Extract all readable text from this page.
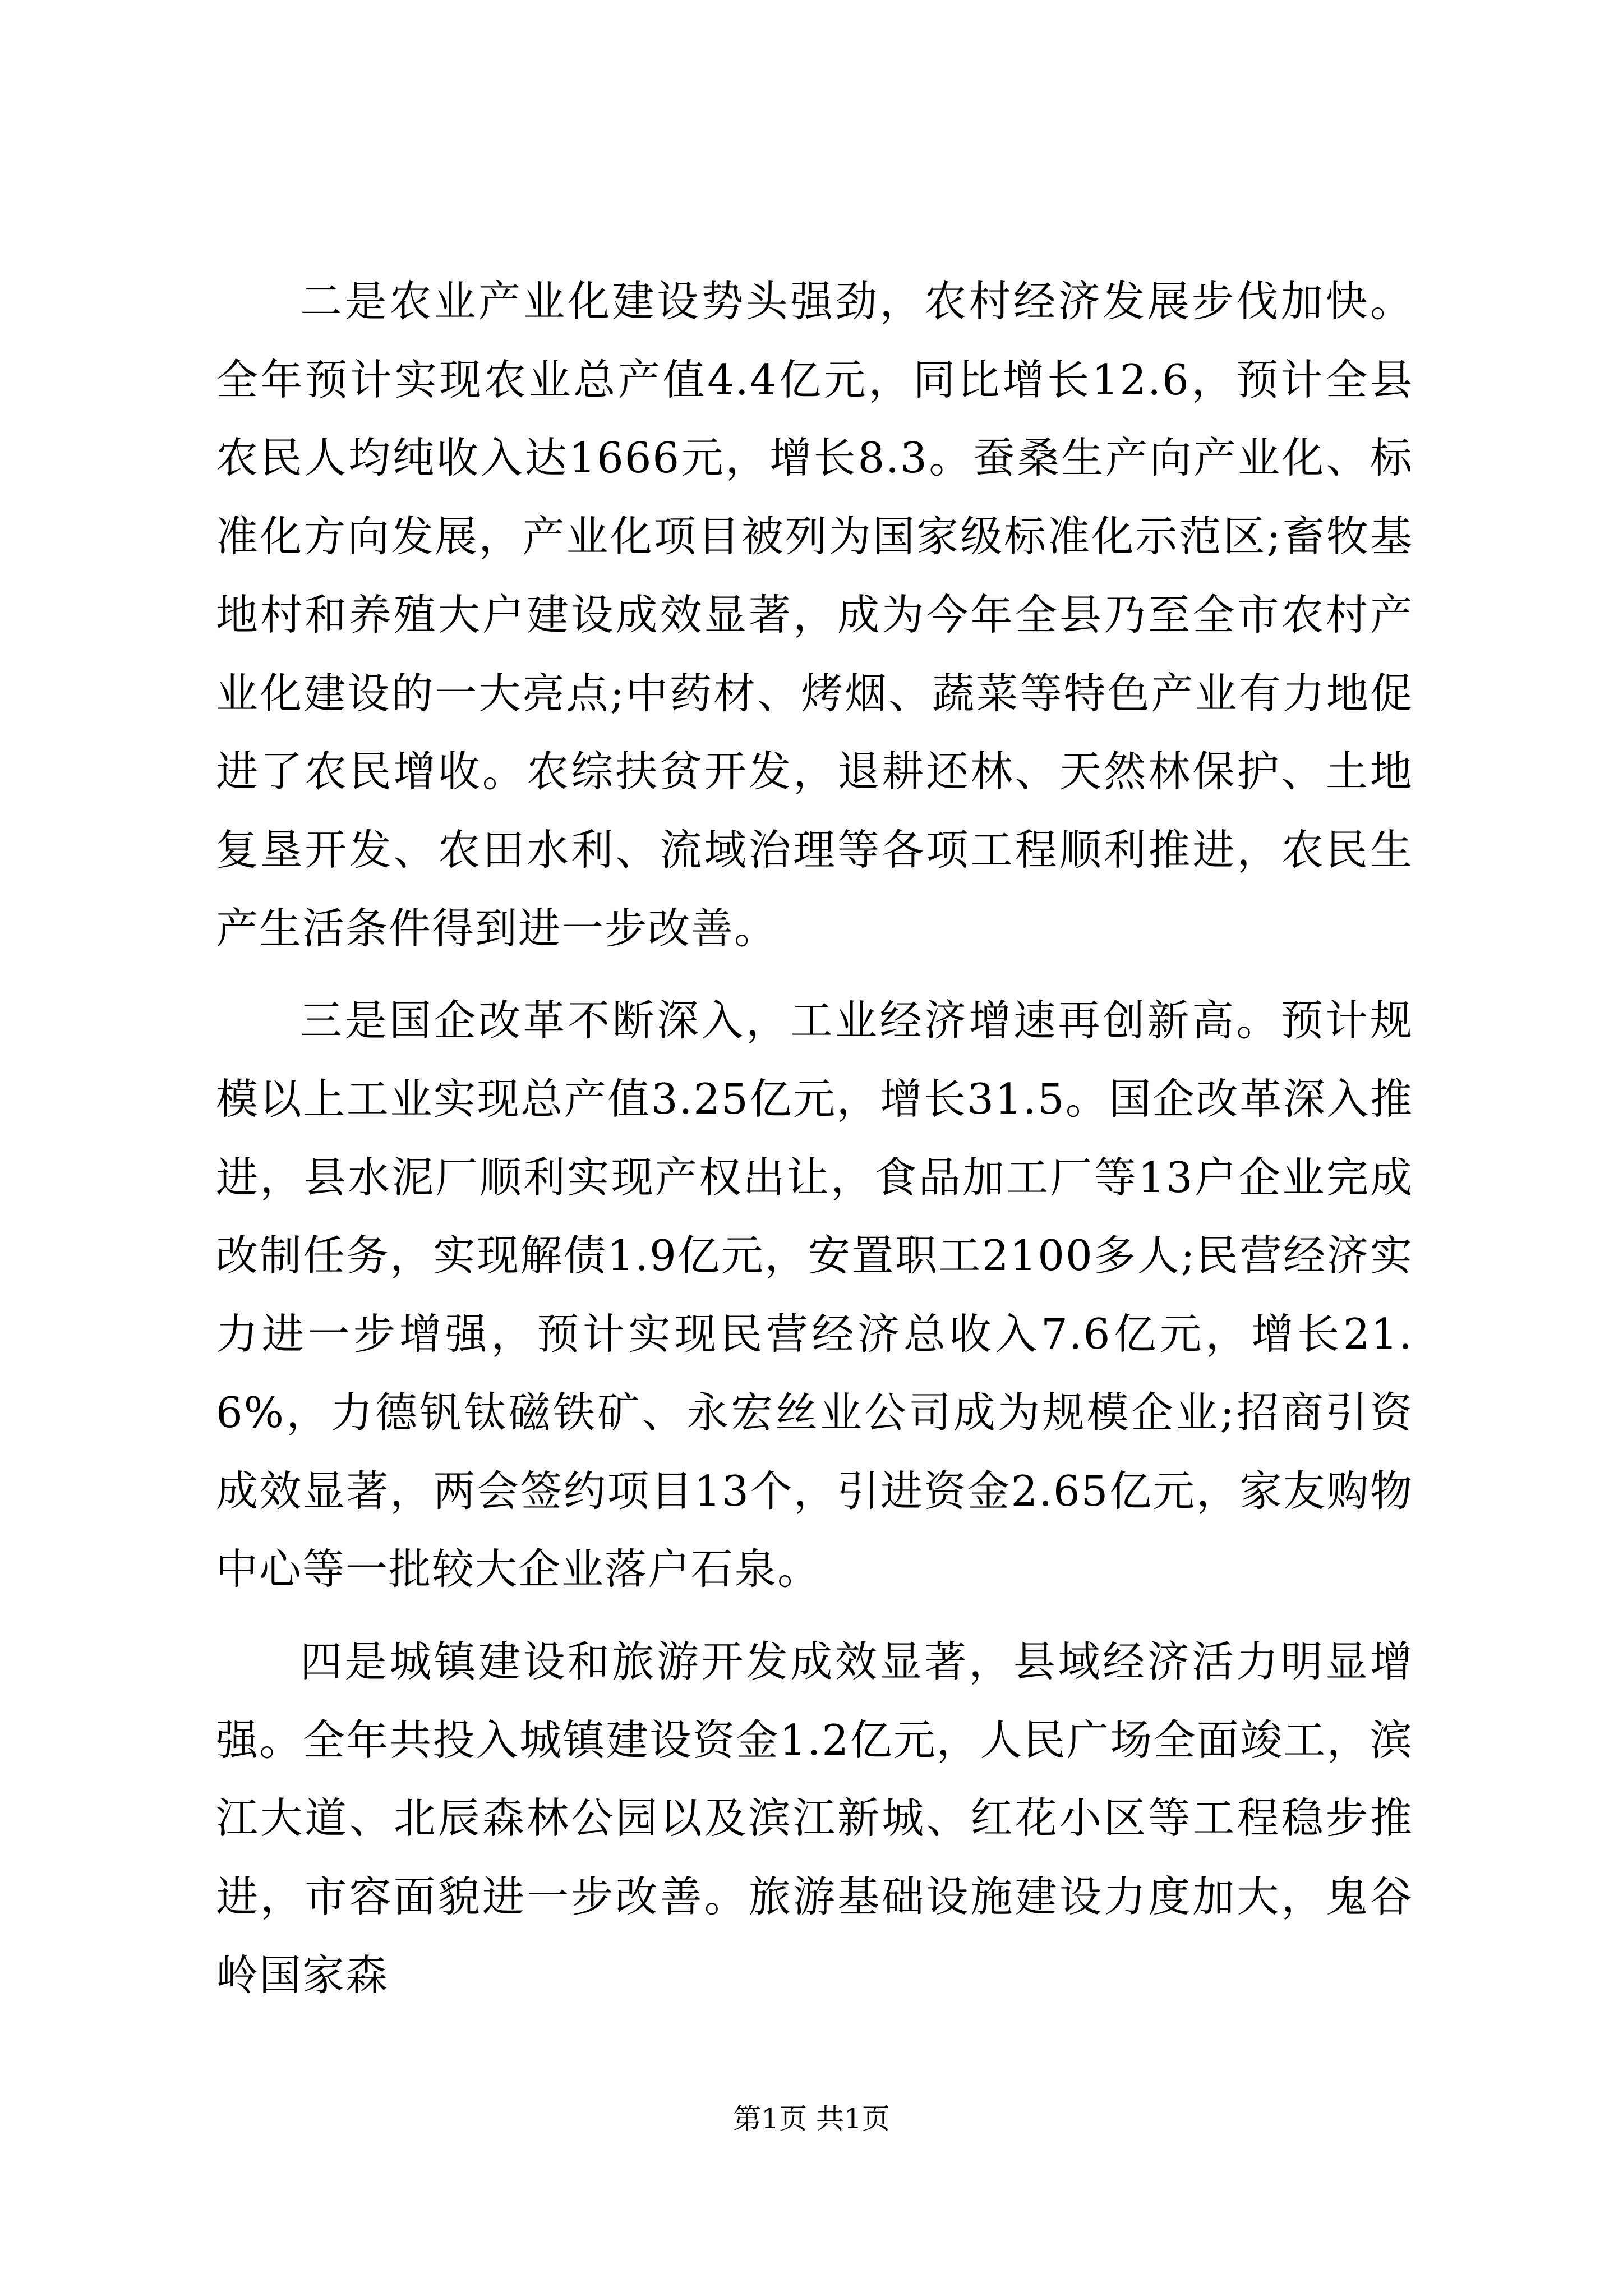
二是农业产业化建设势头强劲，农村经济发展步伐加快。全年预计实现农业总产值4.4亿元，同比增长12.6，预计全县农民人均纯收入达1666元，增长8.3。蚕桑生产向产业化、标准化方向发展，产业化项目被列为国家级标准化示范区;畜牧基地村和养殖大户建设成效显著，成为今年全县乃至全市农村产业化建设的一大亮点;中药材、烤烟、蔬菜等特色产业有力地促进了农民增收。农综扶贫开发，退耕还林、天然林保护、土地复垦开发、农田水利、流域治理等各项工程顺利推进，农民生产生活条件得到进一步改善。

三是国企改革不断深入，工业经济增速再创新高。预计规模以上工业实现总产值3.25亿元，增长31.5。国企改革深入推进，县水泥厂顺利实现产权出让，食品加工厂等13户企业完成改制任务，实现解债1.9亿元，安置职工2100多人;民营经济实力进一步增强，预计实现民营经济总收入7.6亿元，增长21.6%，力德钒钛磁铁矿、永宏丝业公司成为规模企业;招商引资成效显著，两会签约项目13个，引进资金2.65亿元，家友购物中心等一批较大企业落户石泉。

四是城镇建设和旅游开发成效显著，县域经济活力明显增强。全年共投入城镇建设资金1.2亿元，人民广场全面竣工，滨江大道、北辰森林公园以及滨江新城、红花小区等工程稳步推进，市容面貌进一步改善。旅游基础设施建设力度加大，鬼谷岭国家森

第1页 共1页
